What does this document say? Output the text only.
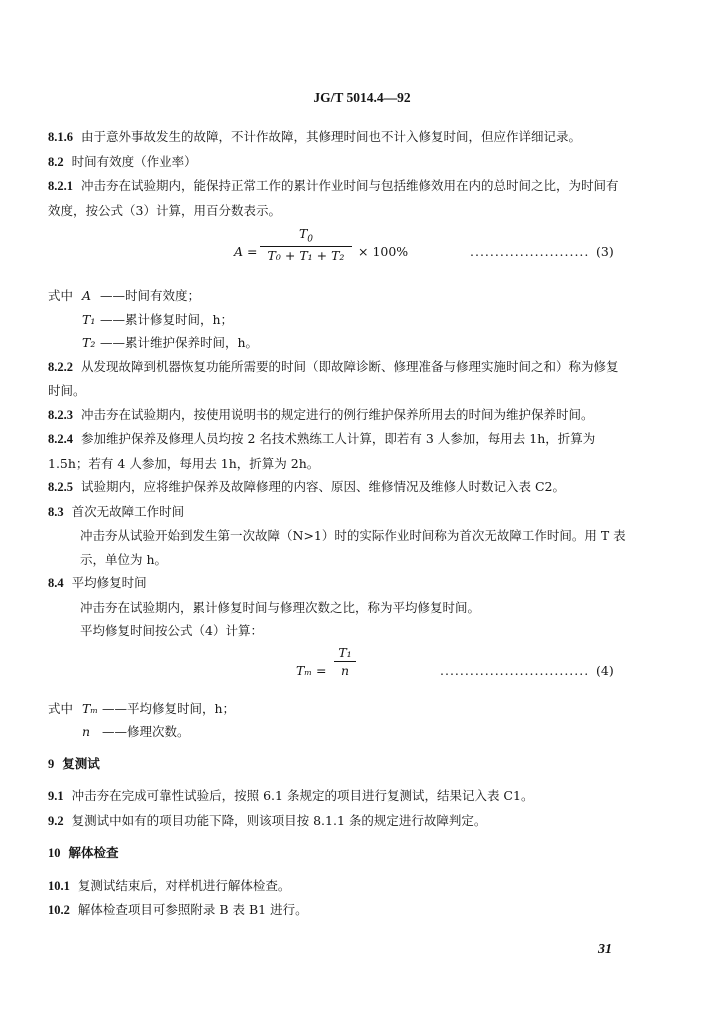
JG/T 5014.4—92

8.1.6 由于意外事故发生的故障，不计作故障，其修理时间也不计入修复时间，但应作详细记录。

8.2 时间有效度（作业率）

8.2.1 冲击夯在试验期内，能保持正常工作的累计作业时间与包括维修效用在内的总时间之比，为时间有效度，按公式（3）计算，用百分数表示。

A =
$T_0$
T₀ + T₁ + T₂	× 100%	........................ (3)
式中 A ——时间有效度；
T₁ ——累计修复时间，h；
T₂ ——累计维护保养时间，h。

8.2.2 从发现故障到机器恢复功能所需要的时间（即故障诊断、修理准备与修理实施时间之和）称为修复时间。

8.2.3 冲击夯在试验期内，按使用说明书的规定进行的例行维护保养所用去的时间为维护保养时间。

8.2.4 参加维护保养及修理人员均按 2 名技术熟练工人计算，即若有 3 人参加，每用去 1h，折算为 1.5h；若有 4 人参加，每用去 1h，折算为 2h。

8.2.5 试验期内，应将维护保养及故障修理的内容、原因、维修情况及维修人时数记入表 C2。

8.3 首次无故障工作时间

冲击夯从试验开始到发生第一次故障（N>1）时的实际作业时间称为首次无故障工作时间。用 T 表示，单位为 h。

8.4 平均修复时间

冲击夯在试验期内，累计修复时间与修理次数之比，称为平均修复时间。

平均修复时间按公式（4）计算：

Tₘ =
T₁
n	.............................. (4)
式中 Tₘ ——平均修复时间，h；
n ——修理次数。
9 复测试

9.1 冲击夯在完成可靠性试验后，按照 6.1 条规定的项目进行复测试，结果记入表 C1。

9.2 复测试中如有的项目功能下降，则该项目按 8.1.1 条的规定进行故障判定。

10 解体检查

10.1 复测试结束后，对样机进行解体检查。

10.2 解体检查项目可参照附录 B 表 B1 进行。

31
